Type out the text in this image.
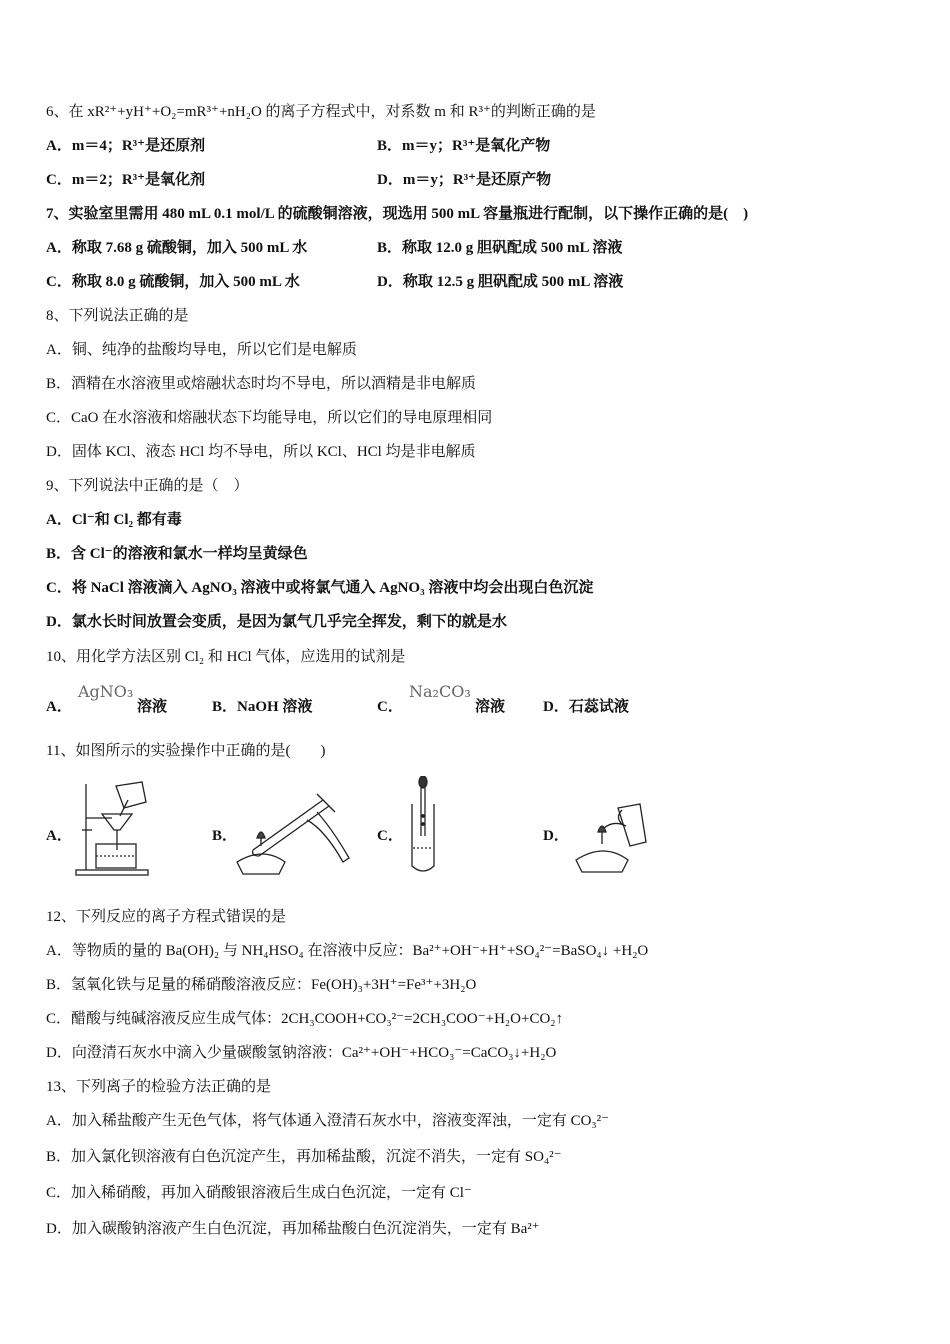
6、在 xR²⁺+yH⁺+O₂=mR³⁺+nH₂O 的离子方程式中，对系数 m 和 R³⁺的判断正确的是
A．m＝4；R³⁺是还原剂	B．m＝y；R³⁺是氧化产物
C．m＝2；R³⁺是氧化剂	D．m＝y；R³⁺是还原产物
7、实验室里需用 480 mL 0.1 mol/L 的硫酸铜溶液，现选用 500 mL 容量瓶进行配制，以下操作正确的是(　)
A．称取 7.68 g 硫酸铜，加入 500 mL 水	B．称取 12.0 g 胆矾配成 500 mL 溶液
C．称取 8.0 g 硫酸铜，加入 500 mL 水	D．称取 12.5 g 胆矾配成 500 mL 溶液
8、下列说法正确的是
A．铜、纯净的盐酸均导电，所以它们是电解质
B．酒精在水溶液里或熔融状态时均不导电，所以酒精是非电解质
C．CaO 在水溶液和熔融状态下均能导电，所以它们的导电原理相同
D．固体 KCl、液态 HCl 均不导电，所以 KCl、HCl 均是非电解质
9、下列说法中正确的是（　）
A．Cl⁻和 Cl₂ 都有毒
B．含 Cl⁻的溶液和氯水一样均呈黄绿色
C．将 NaCl 溶液滴入 AgNO₃ 溶液中或将氯气通入 AgNO₃ 溶液中均会出现白色沉淀
D．氯水长时间放置会变质，是因为氯气几乎完全挥发，剩下的就是水
10、用化学方法区别 Cl₂ 和 HCl 气体，应选用的试剂是
A．
AgNO₃
溶液	B．NaOH 溶液	C．
Na₂CO₃
溶液	D．石蕊试液
11、如图所示的实验操作中正确的是(　　)
A．	B．	C．	D．
12、下列反应的离子方程式错误的是
A．等物质的量的 Ba(OH)₂ 与 NH₄HSO₄ 在溶液中反应：Ba²⁺+OH⁻+H⁺+SO₄²⁻=BaSO₄↓ +H₂O
B．氢氧化铁与足量的稀硝酸溶液反应：Fe(OH)₃+3H⁺=Fe³⁺+3H₂O
C．醋酸与纯碱溶液反应生成气体：2CH₃COOH+CO₃²⁻=2CH₃COO⁻+H₂O+CO₂↑
D．向澄清石灰水中滴入少量碳酸氢钠溶液：Ca²⁺+OH⁻+HCO₃⁻=CaCO₃↓+H₂O
13、下列离子的检验方法正确的是
A．加入稀盐酸产生无色气体，将气体通入澄清石灰水中，溶液变浑浊，一定有 CO₃²⁻
B．加入氯化钡溶液有白色沉淀产生，再加稀盐酸，沉淀不消失，一定有 SO₄²⁻
C．加入稀硝酸，再加入硝酸银溶液后生成白色沉淀，一定有 Cl⁻
D．加入碳酸钠溶液产生白色沉淀，再加稀盐酸白色沉淀消失，一定有 Ba²⁺
